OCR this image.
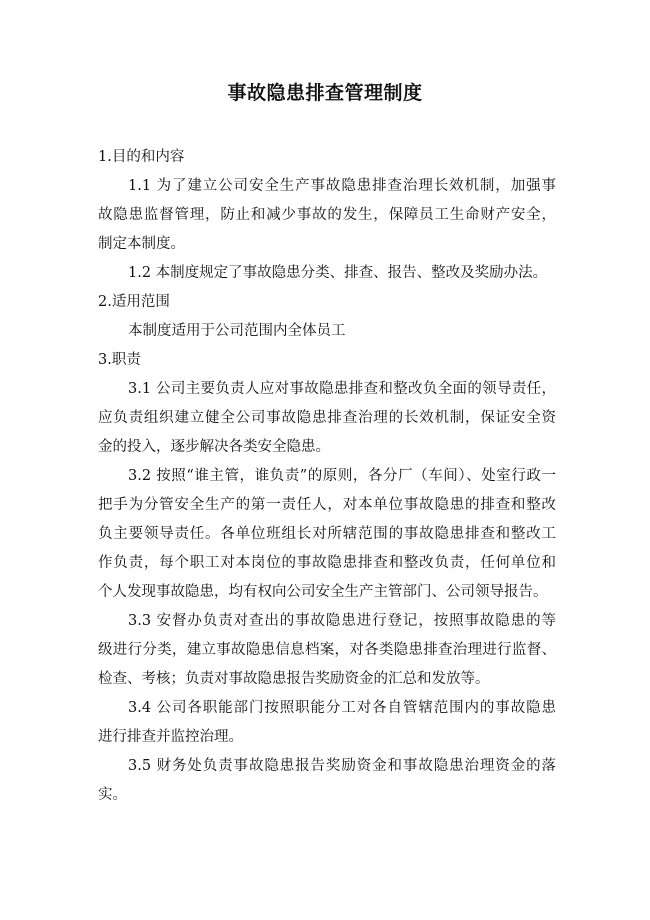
事故隐患排查管理制度
1.目的和内容
1.1 为了建立公司安全生产事故隐患排查治理长效机制，加强事
故隐患监督管理，防止和减少事故的发生，保障员工生命财产安全，
制定本制度。
1.2 本制度规定了事故隐患分类、排查、报告、整改及奖励办法。
2.适用范围
本制度适用于公司范围内全体员工
3.职责
3.1 公司主要负责人应对事故隐患排查和整改负全面的领导责任，
应负责组织建立健全公司事故隐患排查治理的长效机制，保证安全资
金的投入，逐步解决各类安全隐患。
3.2 按照“谁主管，谁负责”的原则，各分厂（车间）、处室行政一
把手为分管安全生产的第一责任人，对本单位事故隐患的排查和整改
负主要领导责任。各单位班组长对所辖范围的事故隐患排查和整改工
作负责，每个职工对本岗位的事故隐患排查和整改负责，任何单位和
个人发现事故隐患，均有权向公司安全生产主管部门、公司领导报告。
3.3 安督办负责对查出的事故隐患进行登记，按照事故隐患的等
级进行分类，建立事故隐患信息档案，对各类隐患排查治理进行监督、
检查、考核；负责对事故隐患报告奖励资金的汇总和发放等。
3.4 公司各职能部门按照职能分工对各自管辖范围内的事故隐患
进行排查并监控治理。
3.5 财务处负责事故隐患报告奖励资金和事故隐患治理资金的落
实。
